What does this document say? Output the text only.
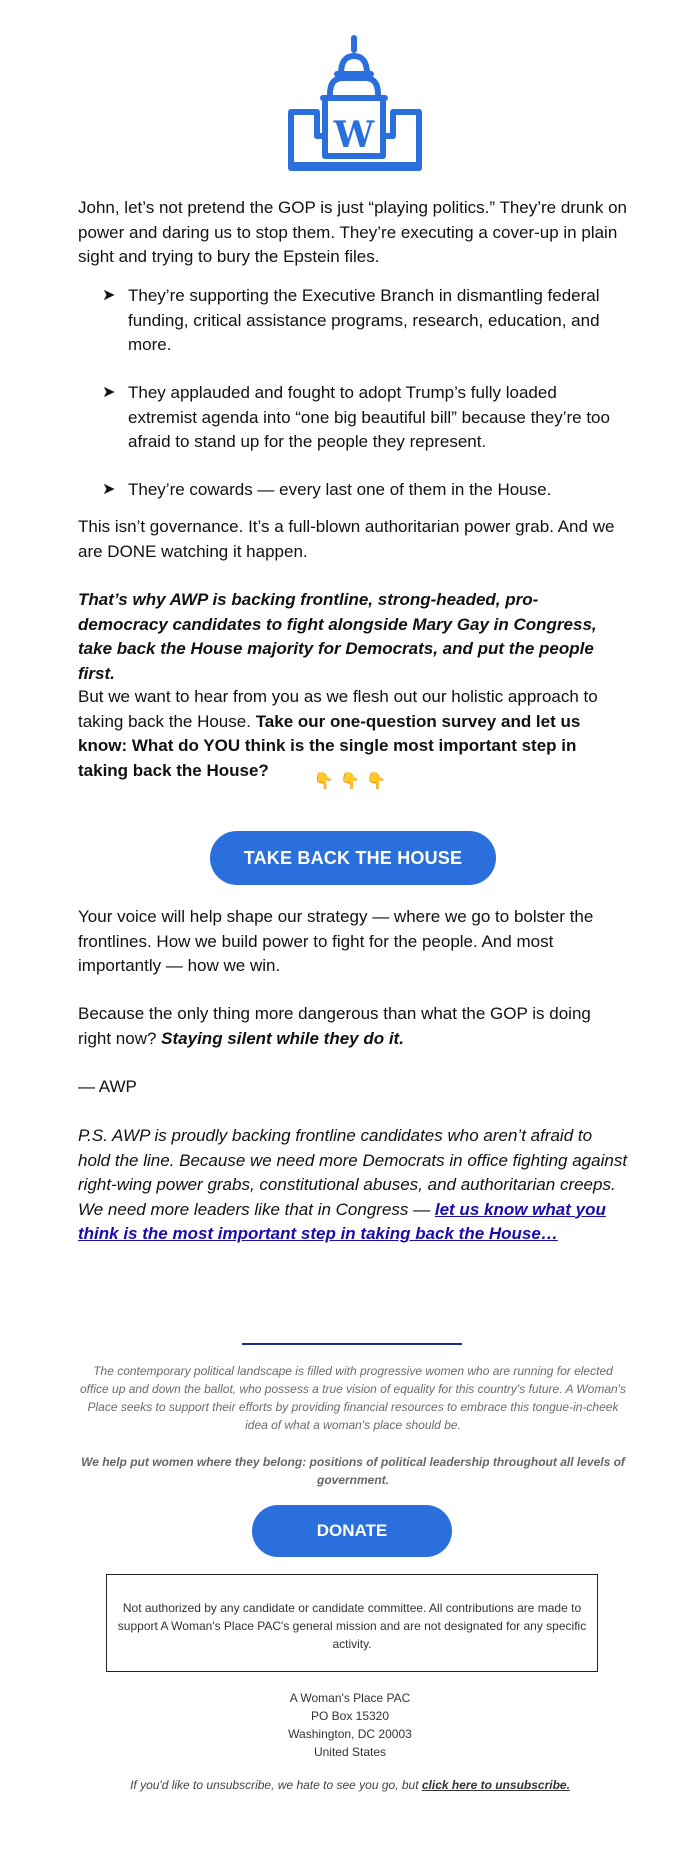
W

John, let’s not pretend the GOP is just “playing politics.” They’re drunk on power and daring us to stop them. They’re executing a cover-up in plain sight and trying to bury the Epstein files.

➤ They’re supporting the Executive Branch in dismantling federal funding, critical assistance programs, research, education, and more.
➤ They applauded and fought to adopt Trump’s fully loaded extremist agenda into “one big beautiful bill” because they’re too afraid to stand up for the people they represent.
➤ They’re cowards — every last one of them in the House.

This isn’t governance. It’s a full-blown authoritarian power grab. And we are DONE watching it happen.

That’s why AWP is backing frontline, strong-headed, pro-democracy candidates to fight alongside Mary Gay in Congress, take back the House majority for Democrats, and put the people first.

But we want to hear from you as we flesh out our holistic approach to taking back the House. Take our one-question survey and let us know: What do YOU think is the single most important step in taking back the House?

👇 👇 👇
TAKE BACK THE HOUSE

Your voice will help shape our strategy — where we go to bolster the frontlines. How we build power to fight for the people. And most importantly — how we win.

Because the only thing more dangerous than what the GOP is doing right now? Staying silent while they do it.

— AWP

P.S. AWP is proudly backing frontline candidates who aren’t afraid to hold the line. Because we need more Democrats in office fighting against right-wing power grabs, constitutional abuses, and authoritarian creeps. We need more leaders like that in Congress — let us know what you think is the most important step in taking back the House…

The contemporary political landscape is filled with progressive women who are running for elected office up and down the ballot, who possess a true vision of equality for this country's future. A Woman's Place seeks to support their efforts by providing financial resources to embrace this tongue-in-cheek idea of what a woman's place should be.
We help put women where they belong: positions of political leadership throughout all levels of government.
DONATE
Not authorized by any candidate or candidate committee. All contributions are made to support A Woman's Place PAC's general mission and are not designated for any specific activity.
A Woman's Place PAC
PO Box 15320
Washington, DC 20003
United States
If you'd like to unsubscribe, we hate to see you go, but click here to unsubscribe.
